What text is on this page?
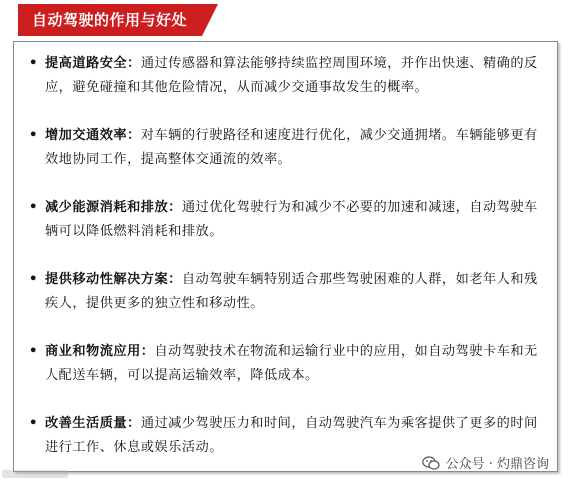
自动驾驶的作用与好处
• 提高道路安全：通过传感器和算法能够持续监控周围环境，并作出快速、精确的反应，避免碰撞和其他危险情况，从而减少交通事故发生的概率。
• 增加交通效率：对车辆的行驶路径和速度进行优化，减少交通拥堵。车辆能够更有效地协同工作，提高整体交通流的效率。
• 减少能源消耗和排放：通过优化驾驶行为和减少不必要的加速和减速，自动驾驶车辆可以降低燃料消耗和排放。
• 提供移动性解决方案：自动驾驶车辆特别适合那些驾驶困难的人群，如老年人和残疾人，提供更多的独立性和移动性。
• 商业和物流应用：自动驾驶技术在物流和运输行业中的应用，如自动驾驶卡车和无人配送车辆，可以提高运输效率，降低成本。
• 改善生活质量：通过减少驾驶压力和时间，自动驾驶汽车为乘客提供了更多的时间进行工作、休息或娱乐活动。
公众号 · 灼鼎咨询
